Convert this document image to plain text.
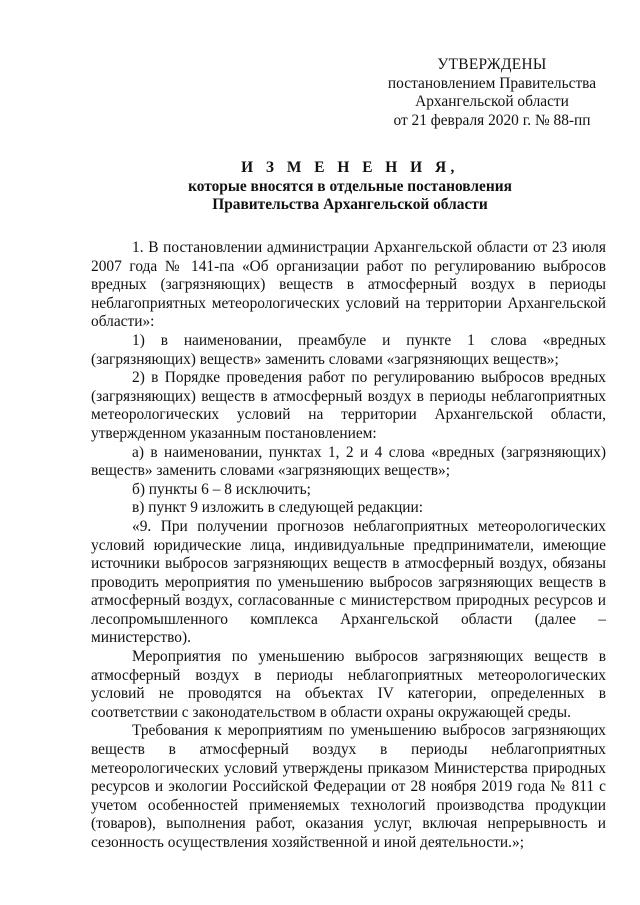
УТВЕРЖДЕНЫ
постановлением Правительства
Архангельской области
от 21 февраля 2020 г. № 88-пп
И З М Е Н Е Н И Я,
которые вносятся в отдельные постановления
Правительства Архангельской области

1. В постановлении администрации Архангельской области от 23 июля 2007 года № 141-па «Об организации работ по регулированию выбросов вредных (загрязняющих) веществ в атмосферный воздух в периоды неблагоприятных метеорологических условий на территории Архангельской области»:

1) в наименовании, преамбуле и пункте 1 слова «вредных (загрязняющих) веществ» заменить словами «загрязняющих веществ»;

2) в Порядке проведения работ по регулированию выбросов вредных (загрязняющих) веществ в атмосферный воздух в периоды неблагоприятных метеорологических условий на территории Архангельской области, утвержденном указанным постановлением:

а) в наименовании, пунктах 1, 2 и 4 слова «вредных (загрязняющих) веществ» заменить словами «загрязняющих веществ»;

б) пункты 6 – 8 исключить;

в) пункт 9 изложить в следующей редакции:

«9. При получении прогнозов неблагоприятных метеорологических условий юридические лица, индивидуальные предприниматели, имеющие источники выбросов загрязняющих веществ в атмосферный воздух, обязаны проводить мероприятия по уменьшению выбросов загрязняющих веществ в атмосферный воздух, согласованные с министерством природных ресурсов и лесопромышленного комплекса Архангельской области (далее – министерство).

Мероприятия по уменьшению выбросов загрязняющих веществ в атмосферный воздух в периоды неблагоприятных метеорологических условий не проводятся на объектах IV категории, определенных в соответствии с законодательством в области охраны окружающей среды.

Требования к мероприятиям по уменьшению выбросов загрязняющих веществ в атмосферный воздух в периоды неблагоприятных метеорологических условий утверждены приказом Министерства природных ресурсов и экологии Российской Федерации от 28 ноября 2019 года № 811 с учетом особенностей применяемых технологий производства продукции (товаров), выполнения работ, оказания услуг, включая непрерывность и сезонность осуществления хозяйственной и иной деятельности.»;
